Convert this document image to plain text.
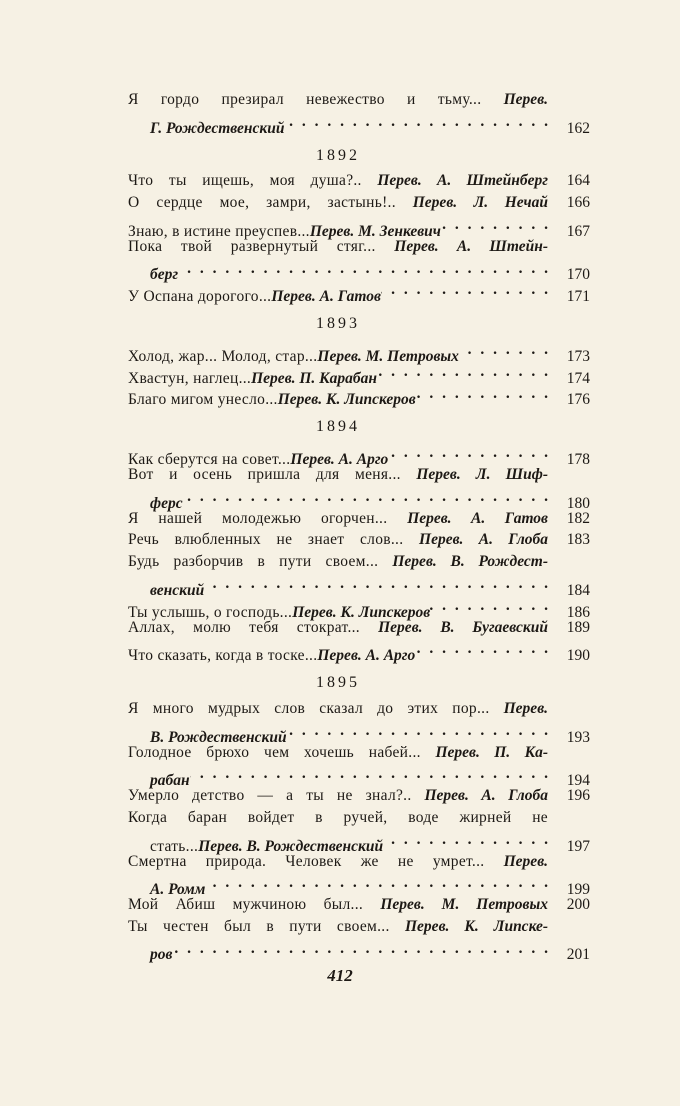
Я гордо презирал невежество и тьму... Перев.
Г. Рождественский . . .	162
1892
Что ты ищешь, моя душа?.. Перев. А. Штейнберг	164
О сердце мое, замри, застынь!.. Перев. Л. Нечай	166
Знаю, в истине преуспев... Перев. М. Зенкевич . . .	167
Пока твой развернутый стяг... Перев. А. Штейн-
берг . . .	170
У Оспана дорогого... Перев. А. Гатов . . .	171
1893
Холод, жар... Молод, стар... Перев. М. Петровых . . .	173
Хвастун, наглец... Перев. П. Карабан . . .	174
Благо мигом унесло... Перев. К. Липскеров . . .	176
1894
Как сберутся на совет... Перев. А. Арго . . .	178
Вот и осень пришла для меня... Перев. Л. Шиф-
ферс . . .	180
Я нашей молодежью огорчен... Перев. А. Гатов	182
Речь влюбленных не знает слов... Перев. А. Глоба	183
Будь разборчив в пути своем... Перев. В. Рождест-
венский . . .	184
Ты услышь, о господь... Перев. К. Липскеров . . .	186
Аллах, молю тебя стократ... Перев. В. Бугаевский	189
Что сказать, когда в тоске... Перев. А. Арго . . .	190
1895
Я много мудрых слов сказал до этих пор... Перев.
В. Рождественский . . .	193
Голодное брюхо чем хочешь набей... Перев. П. Ка-
рабан . . .	194
Умерло детство — а ты не знал?.. Перев. А. Глоба	196
Когда баран войдет в ручей, воде жирней не
стать... Перев. В. Рождественский . . .	197
Смертна природа. Человек же не умрет... Перев.
А. Ромм . . .	199
Мой Абиш мужчиною был... Перев. М. Петровых	200
Ты честен был в пути своем... Перев. К. Липске-
ров . . .	201
412
